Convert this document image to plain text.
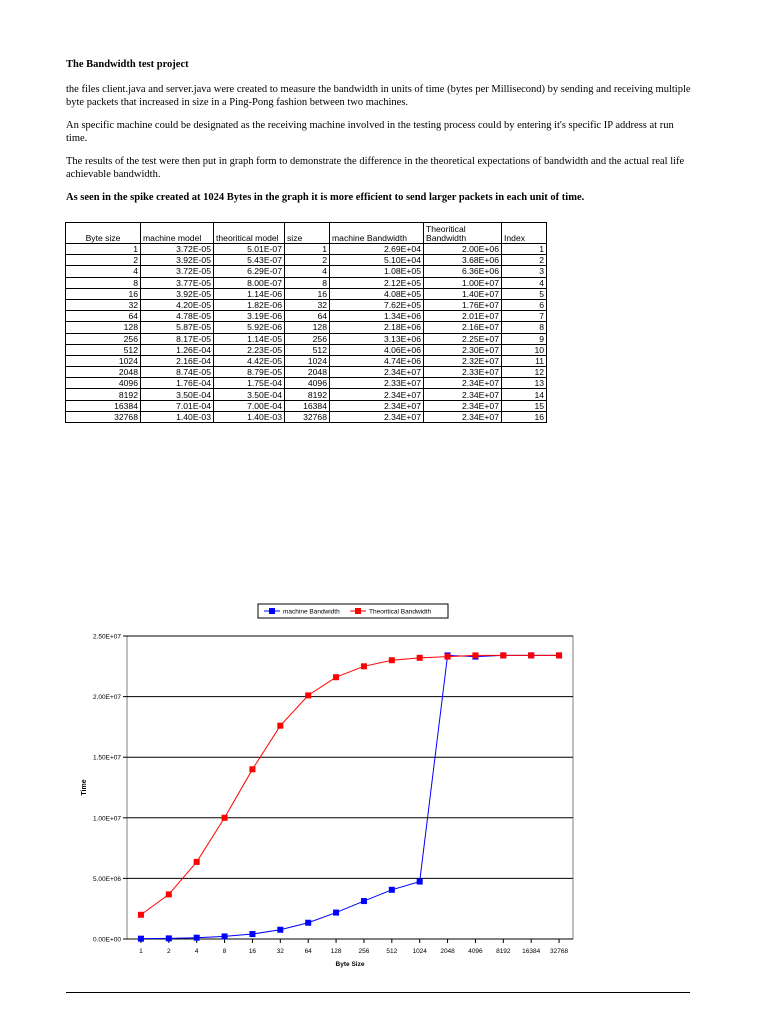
The Bandwidth test project

the files client.java and server.java were created to measure the bandwidth in units of time (bytes per Millisecond) by sending and receiving multiple byte packets that increased in size in a Ping-Pong fashion between two machines.

An specific machine could be designated as the receiving machine involved in the testing process could by entering it's specific IP address at run time.

The results of the test were then put in graph form to demonstrate the difference in the theoretical expectations of bandwidth and the actual real life achievable bandwidth.

As seen in the spike created at 1024 Bytes in the graph it is more efficient to send larger packets in each unit of time.

Byte size	machine model	theoritical model	size	machine Bandwidth	Theoritical Bandwidth	Index
1	3.72E-05	5.01E-07	1	2.69E+04	2.00E+06	1
2	3.92E-05	5.43E-07	2	5.10E+04	3.68E+06	2
4	3.72E-05	6.29E-07	4	1.08E+05	6.36E+06	3
8	3.77E-05	8.00E-07	8	2.12E+05	1.00E+07	4
16	3.92E-05	1.14E-06	16	4.08E+05	1.40E+07	5
32	4.20E-05	1.82E-06	32	7.62E+05	1.76E+07	6
64	4.78E-05	3.19E-06	64	1.34E+06	2.01E+07	7
128	5.87E-05	5.92E-06	128	2.18E+06	2.16E+07	8
256	8.17E-05	1.14E-05	256	3.13E+06	2.25E+07	9
512	1.26E-04	2.23E-05	512	4.06E+06	2.30E+07	10
1024	2.16E-04	4.42E-05	1024	4.74E+06	2.32E+07	11
2048	8.74E-05	8.79E-05	2048	2.34E+07	2.33E+07	12
4096	1.76E-04	1.75E-04	4096	2.33E+07	2.34E+07	13
8192	3.50E-04	3.50E-04	8192	2.34E+07	2.34E+07	14
16384	7.01E-04	7.00E-04	16384	2.34E+07	2.34E+07	15
32768	1.40E-03	1.40E-03	32768	2.34E+07	2.34E+07	16
0.00E+00
5.00E+06
1.00E+07
1.50E+07
2.00E+07
2.50E+07
1	2	4	8	16	32	64	128	256	512 1024 2048 4096 8192 16384 32768
Byte Size
Time
machine Bandwidth	Theoritical Bandwidth
